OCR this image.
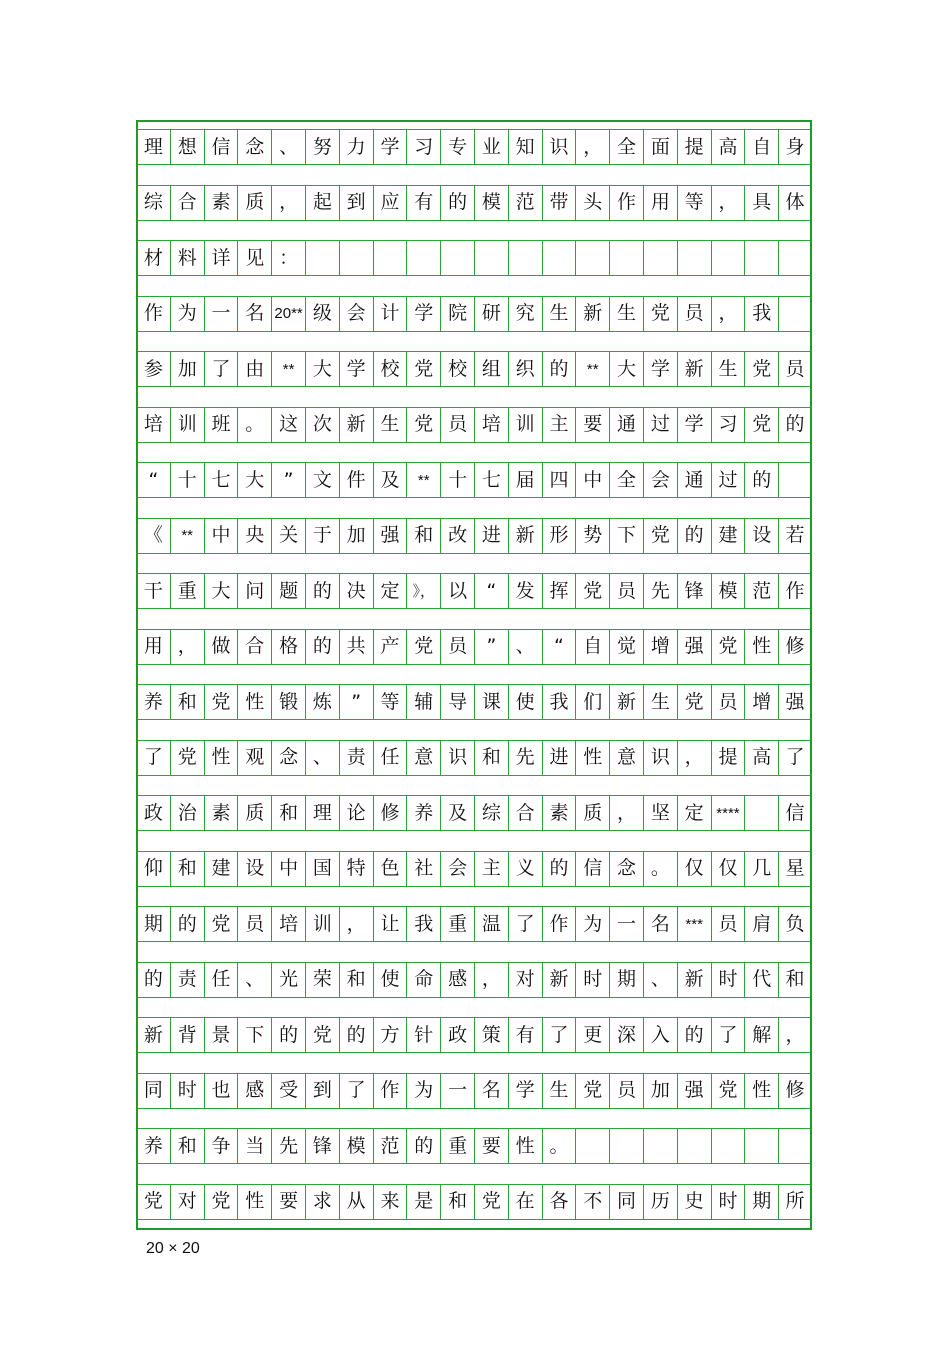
理 想 信 念 、 努 力 学 习 专 业 知 识 ， 全 面 提 高 自 身
综 合 素 质 ， 起 到 应 有 的 模 范 带 头 作 用 等 ， 具 体
材 料 详 见 ：
作 为 一 名 20** 级 会 计 学 院 研 究 生 新 生 党 员 ， 我
参 加 了 由	** 大 学 校 党 校 组 织 的	** 大 学 新 生 党 员
培 训 班 。 这 次 新 生 党 员 培 训 主 要 通 过 学 习 党 的
“	十 七 大	”	文 件 及	** 十 七 届 四 中 全 会 通 过 的
《	** 中 央 关 于 加 强 和 改 进 新 形 势 下 党 的 建 设 若
干 重 大 问 题 的 决 定 》， 以	“	发 挥 党 员 先 锋 模 范 作
用 ， 做 合 格 的 共 产 党 员	”	、	“	自 觉 增 强 党 性 修
养 和 党 性 锻 炼	”	等 辅 导 课 使 我 们 新 生 党 员 增 强
了 党 性 观 念 、 责 任 意 识 和 先 进 性 意 识 ， 提 高 了
政 治 素 质 和 理 论 修 养 及 综 合 素 质 ， 坚 定 ****	信
仰 和 建 设 中 国 特 色 社 会 主 义 的 信 念 。 仅 仅 几 星
期 的 党 员 培 训 ， 让 我 重 温 了 作 为 一 名	*** 员 肩 负
的 责 任 、 光 荣 和 使 命 感 ， 对 新 时 期 、 新 时 代 和
新 背 景 下 的 党 的 方 针 政 策 有 了 更 深 入 的 了 解 ，
同 时 也 感 受 到 了 作 为 一 名 学 生 党 员 加 强 党 性 修
养 和 争 当 先 锋 模 范 的 重 要 性 。
党 对 党 性 要 求 从 来 是 和 党 在 各 不 同 历 史 时 期 所
20 × 20
